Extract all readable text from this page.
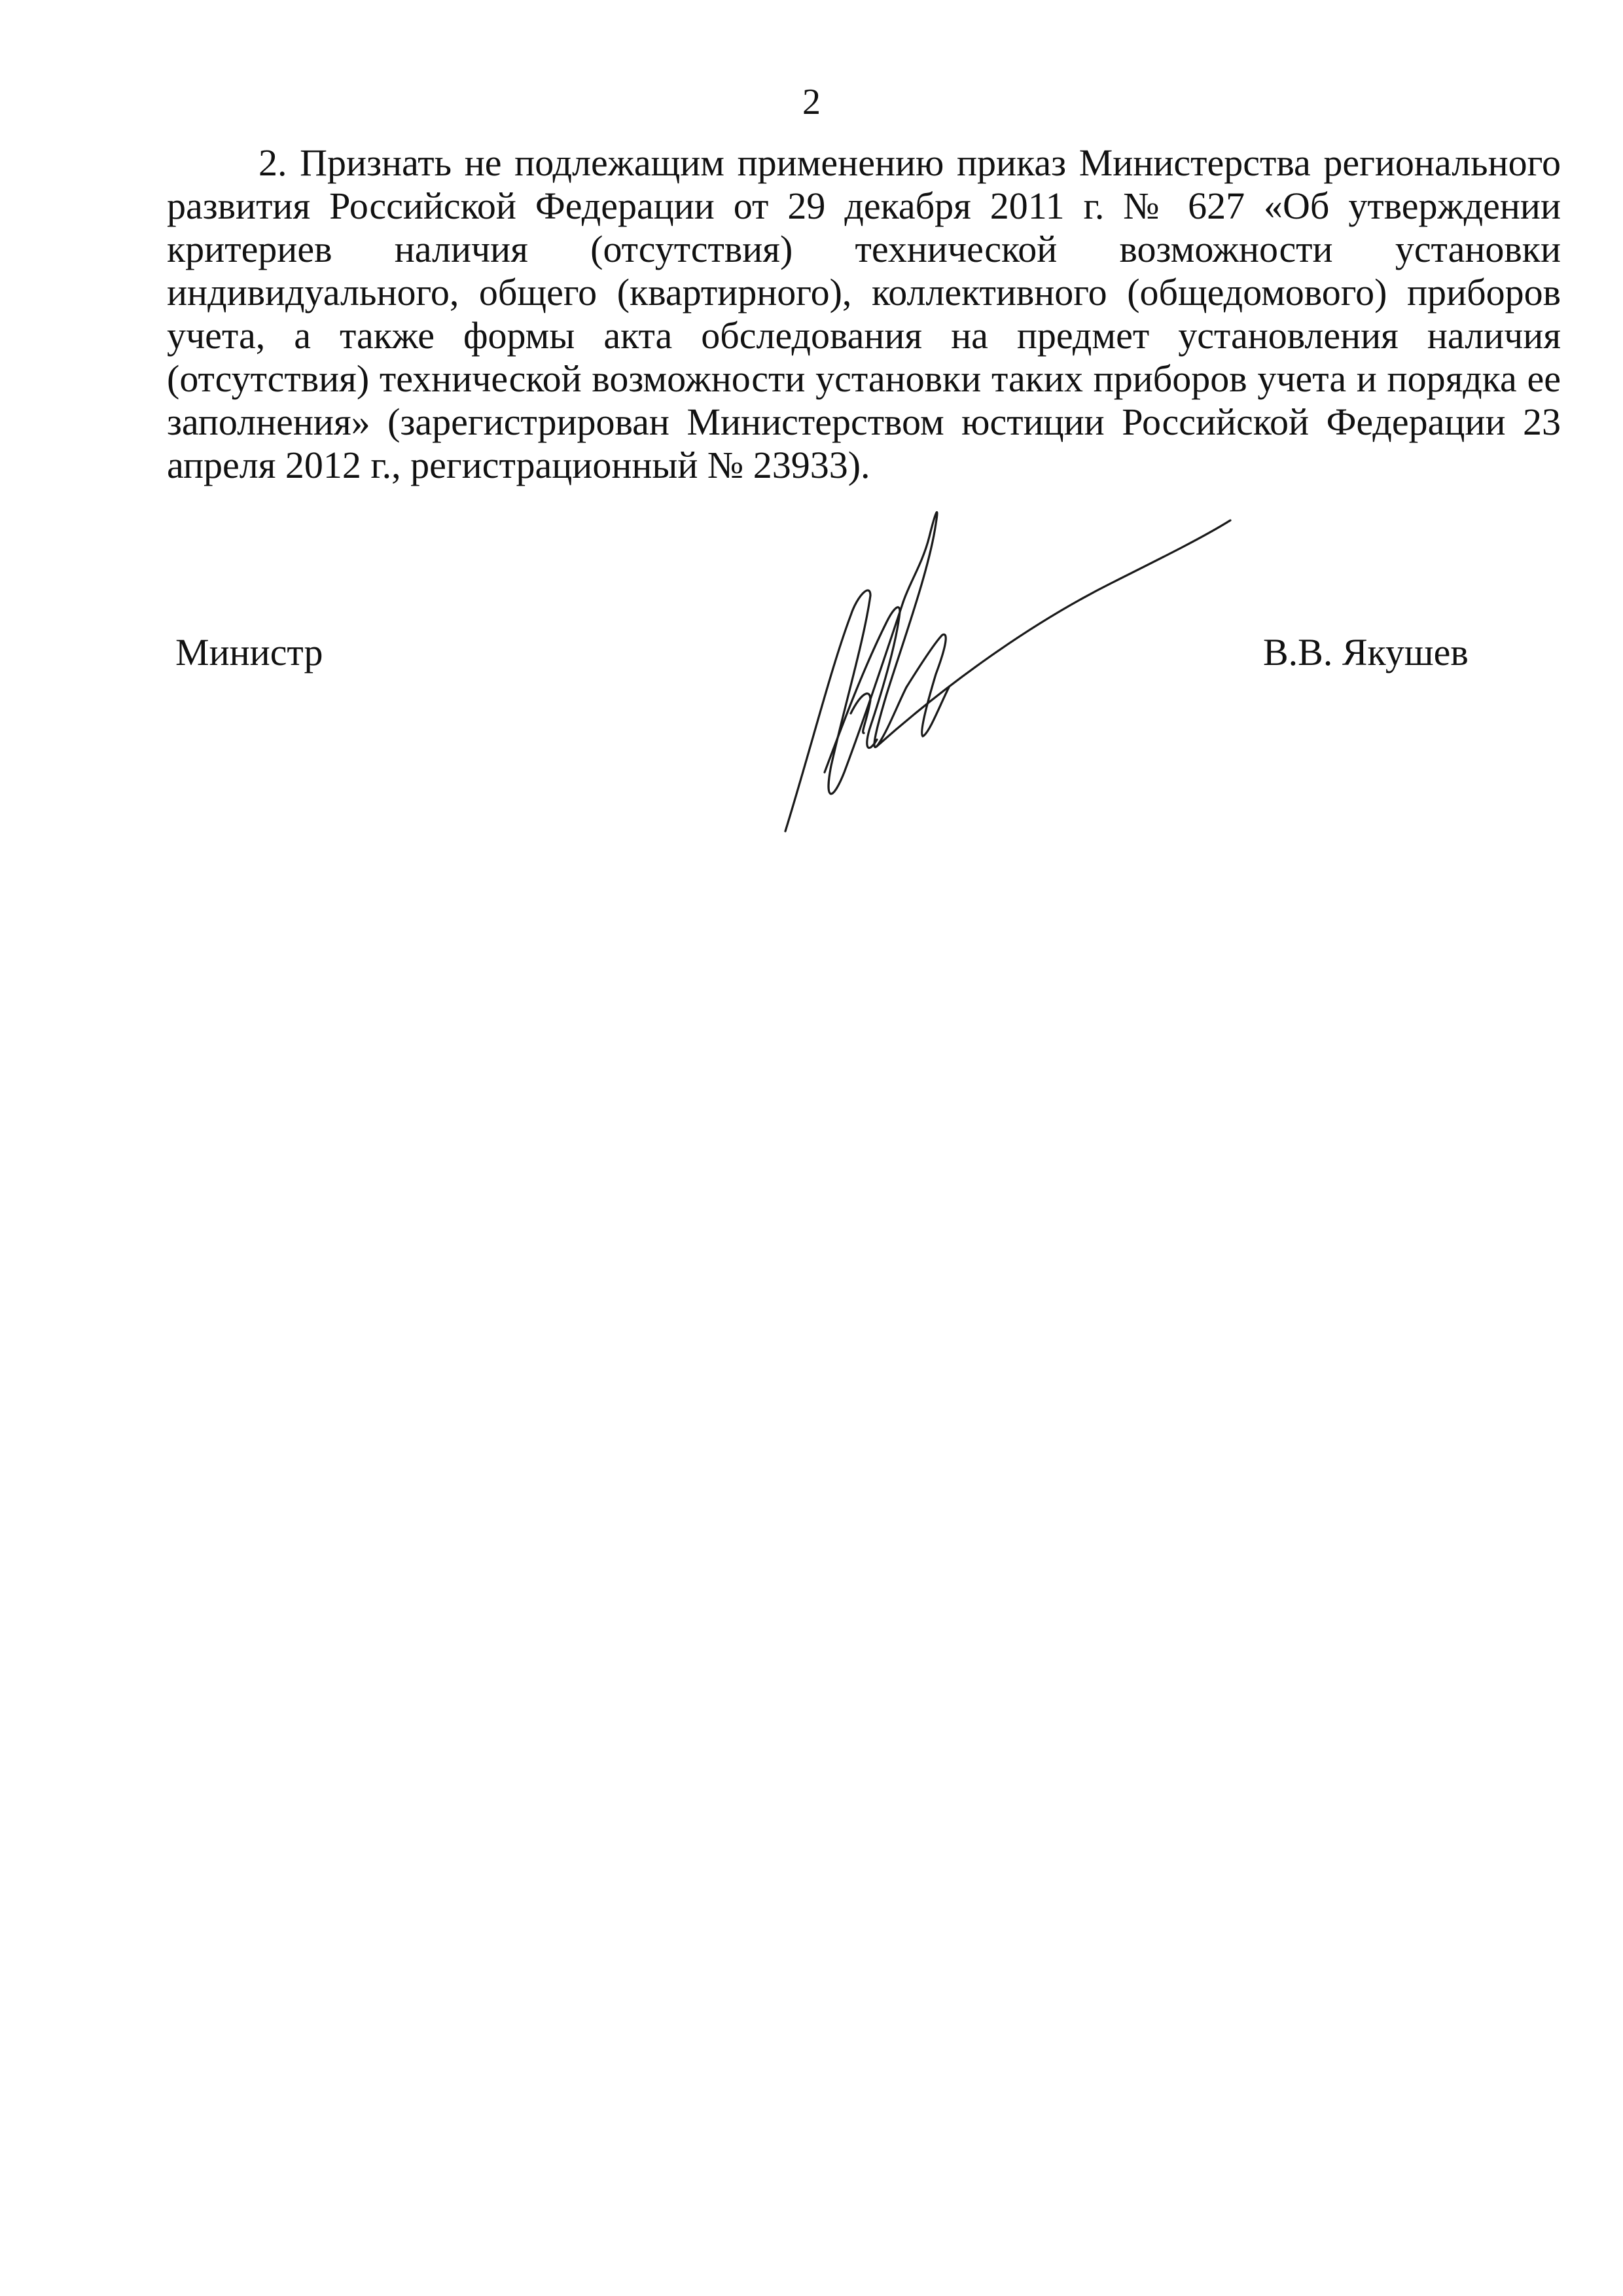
2

2. Признать не подлежащим применению приказ Министерства регионального развития Российской Федерации от 29 декабря 2011 г. № 627 «Об утверждении критериев наличия (отсутствия) технической возможности установки индивидуального, общего (квартирного), коллективного (общедомового) приборов учета, а также формы акта обследования на предмет установления наличия (отсутствия) технической возможности установки таких приборов учета и порядка ее заполнения» (зарегистрирован Министерством юстиции Российской Федерации 23 апреля 2012 г., регистрационный № 23933).

Министр	В.В. Якушев
